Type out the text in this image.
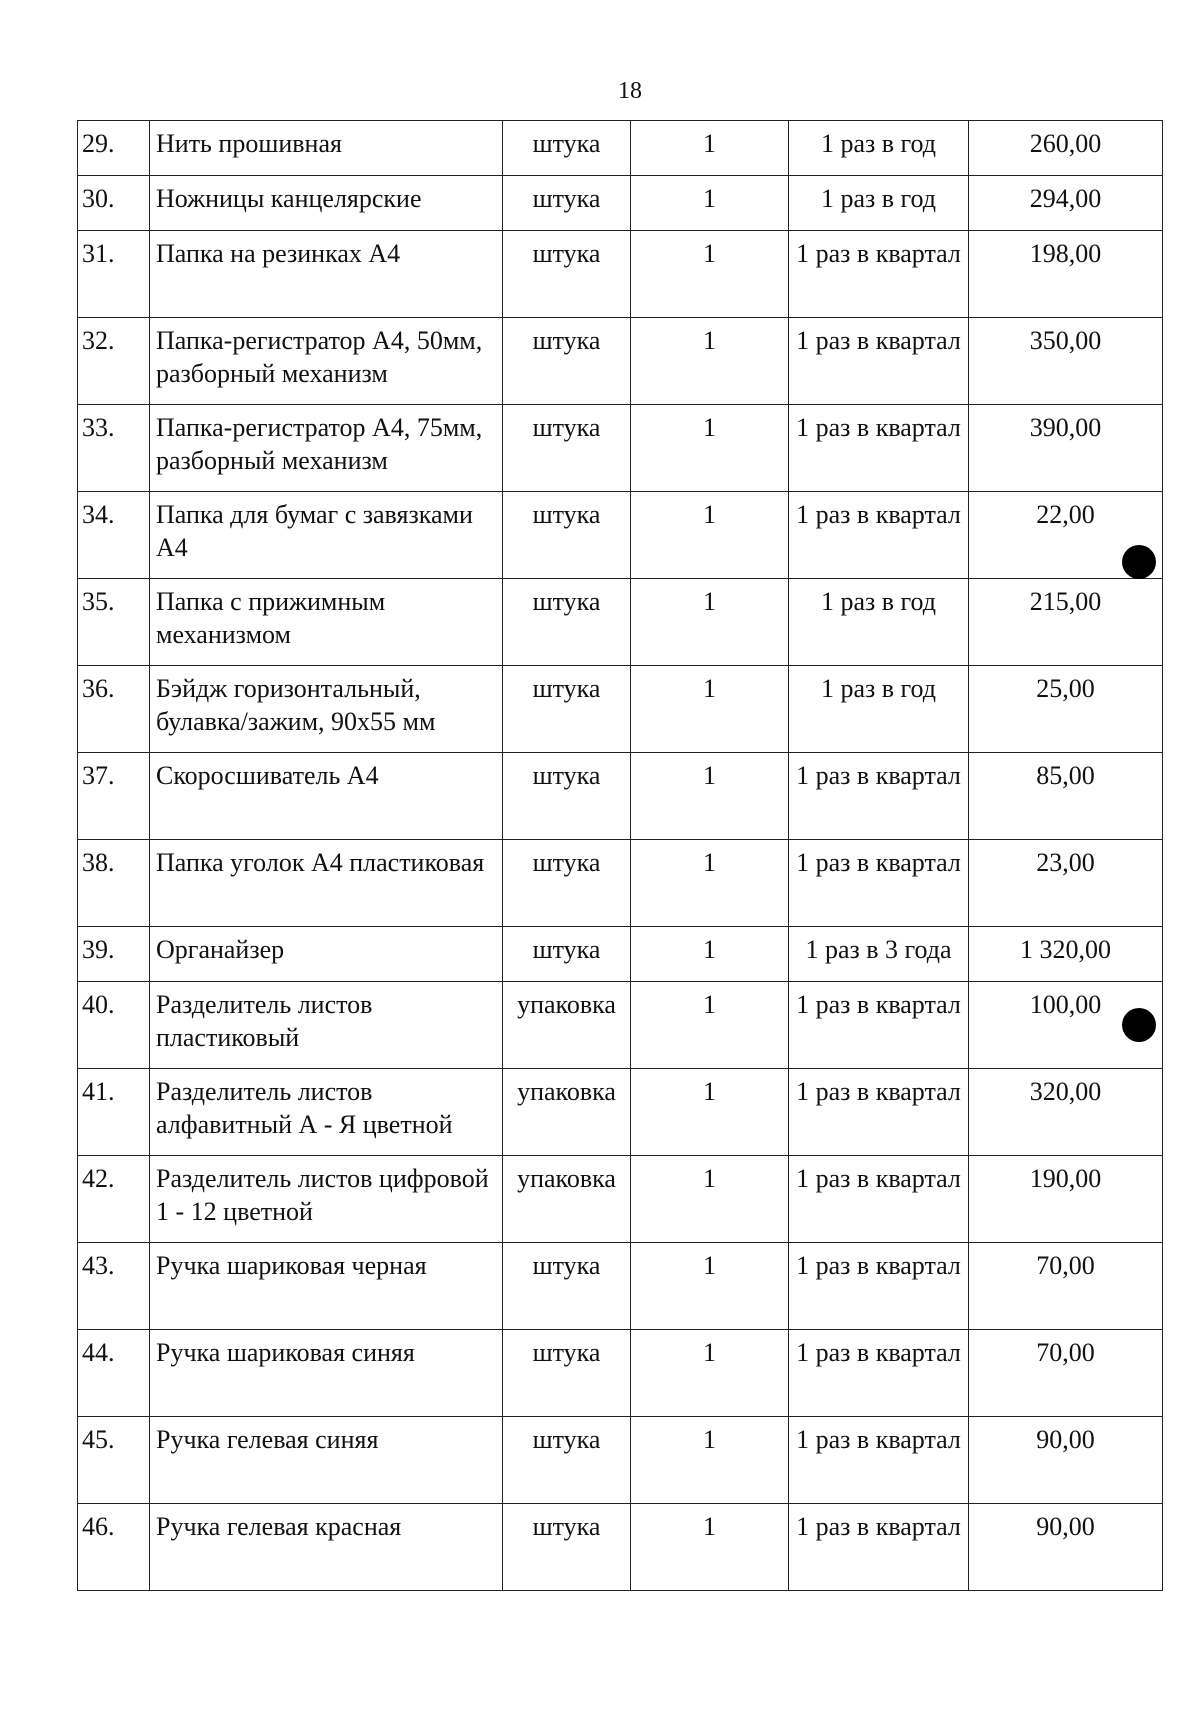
18
29.	Нить прошивная	штука	1	1 раз в год	260,00
30.	Ножницы канцелярские	штука	1	1 раз в год	294,00
31.	Папка на резинках А4	штука	1	1 раз в квартал	198,00
32.	Папка-регистратор А4, 50мм, разборный механизм	штука	1	1 раз в квартал	350,00
33.	Папка-регистратор А4, 75мм, разборный механизм	штука	1	1 раз в квартал	390,00
34.	Папка для бумаг с завязками А4	штука	1	1 раз в квартал	22,00
35.	Папка с прижимным механизмом	штука	1	1 раз в год	215,00
36.	Бэйдж горизонтальный, булавка/зажим, 90х55 мм	штука	1	1 раз в год	25,00
37.	Скоросшиватель А4	штука	1	1 раз в квартал	85,00
38.	Папка уголок А4 пластиковая	штука	1	1 раз в квартал	23,00
39.	Органайзер	штука	1	1 раз в 3 года	1 320,00
40.	Разделитель листов пластиковый	упаковка	1	1 раз в квартал	100,00
41.	Разделитель листов алфавитный А - Я цветной	упаковка	1	1 раз в квартал	320,00
42.	Разделитель листов цифровой 1 - 12 цветной	упаковка	1	1 раз в квартал	190,00
43.	Ручка шариковая черная	штука	1	1 раз в квартал	70,00
44.	Ручка шариковая синяя	штука	1	1 раз в квартал	70,00
45.	Ручка гелевая синяя	штука	1	1 раз в квартал	90,00
46.	Ручка гелевая красная	штука	1	1 раз в квартал	90,00
